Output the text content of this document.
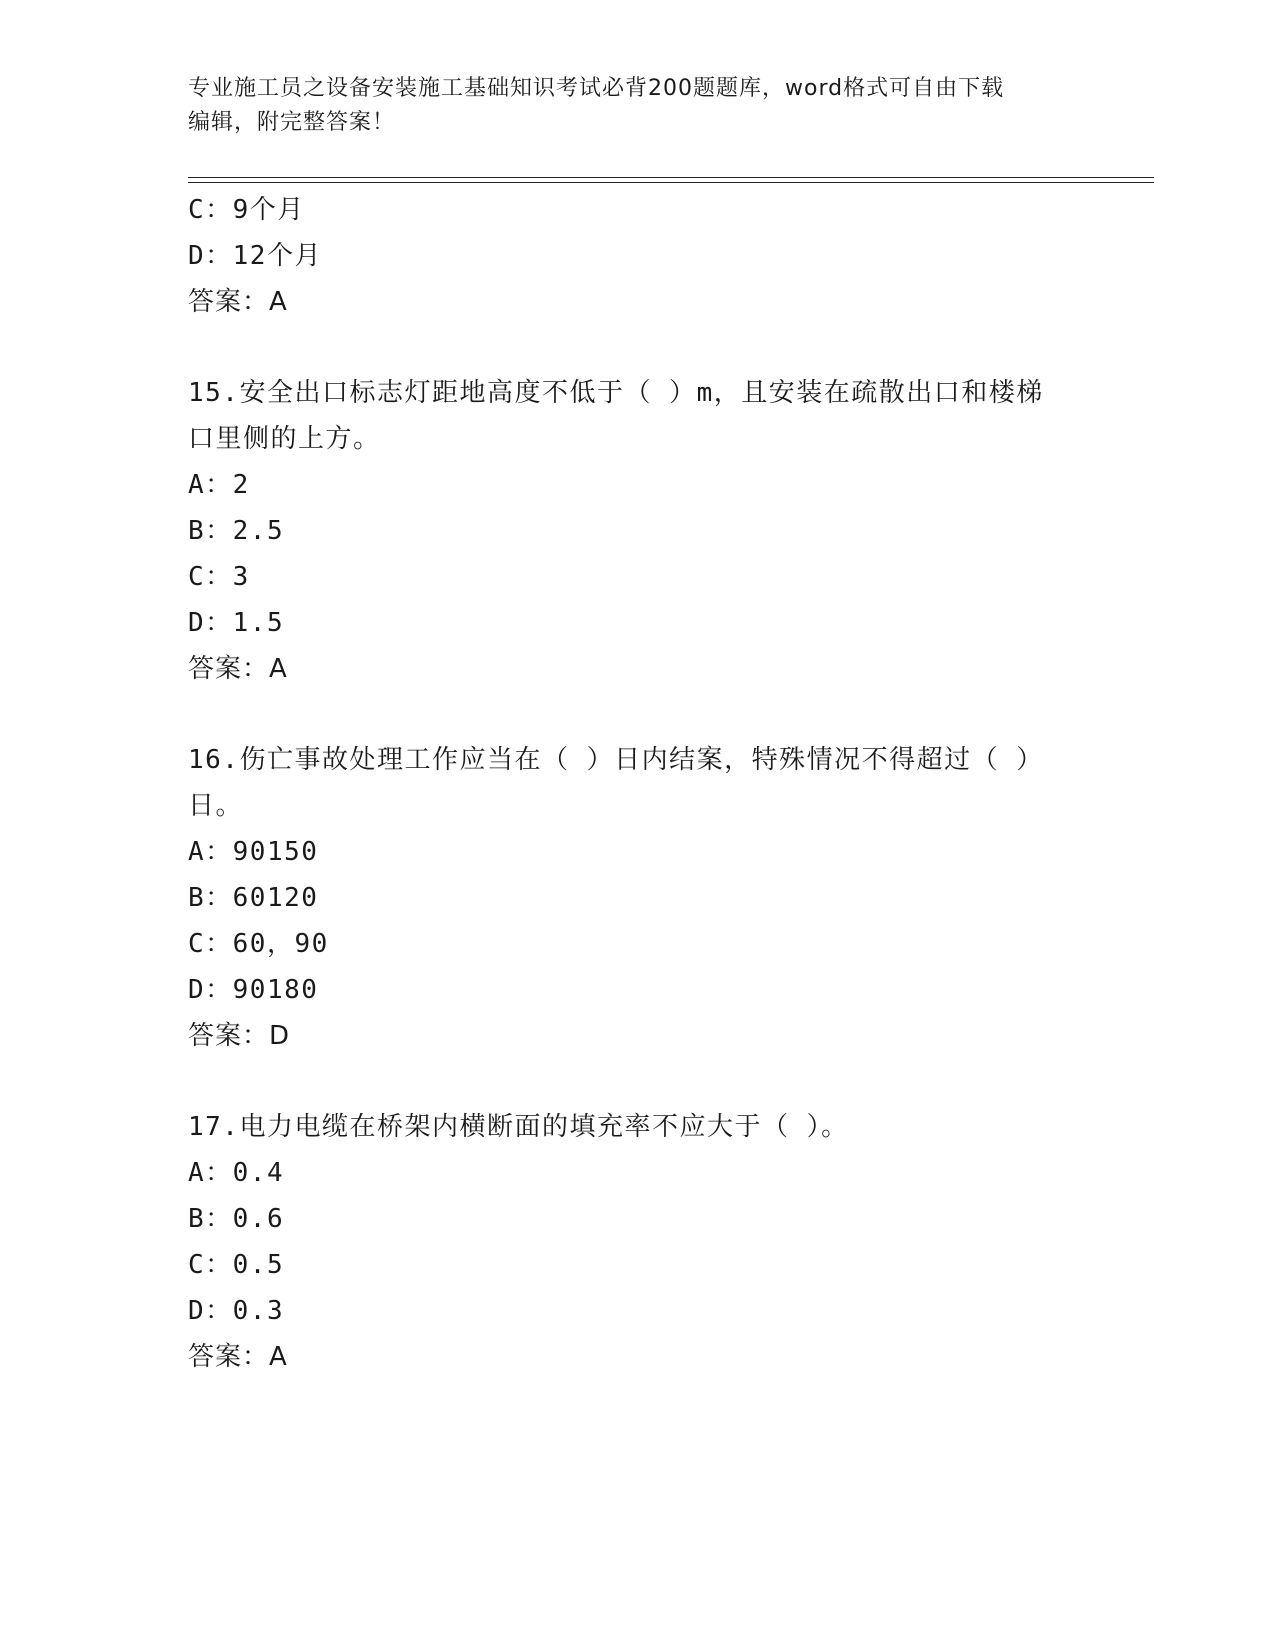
专业施工员之设备安装施工基础知识考试必背200题题库，word格式可自由下载
编辑，附完整答案！
C：9个月
D：12个月
答案：A
15.安全出口标志灯距地高度不低于（ ）m，且安装在疏散出口和楼梯
口里侧的上方。
A：2
B：2.5
C：3
D：1.5
答案：A
16.伤亡事故处理工作应当在（ ）日内结案，特殊情况不得超过（ ）
日。
A：90150
B：60120
C：60，90
D：90180
答案：D
17.电力电缆在桥架内横断面的填充率不应大于（ ）。
A：0.4
B：0.6
C：0.5
D：0.3
答案：A
